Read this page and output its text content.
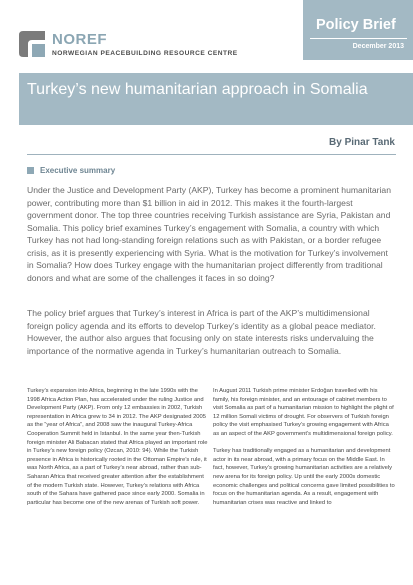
NOREF
NORWEGIAN PEACEBUILDING RESOURCE CENTRE
Policy Brief
December 2013
Turkey’s new humanitarian approach in Somalia
By Pinar Tank
Executive summary

Under the Justice and Development Party (AKP), Turkey has become a prominent humanitarian power, contributing more than $1 billion in aid in 2012. This makes it the fourth-largest government donor. The top three countries receiving Turkish assistance are Syria, Pakistan and Somalia. This policy brief examines Turkey’s engagement with Somalia, a country with which Turkey has not had long-standing foreign relations such as with Pakistan, or a border refugee crisis, as it is presently experiencing with Syria. What is the motivation for Turkey’s involvement in Somalia? How does Turkey engage with the humanitarian project differently from traditional donors and what are some of the challenges it faces in so doing?

The policy brief argues that Turkey’s interest in Africa is part of the AKP’s multidimensional foreign policy agenda and its efforts to develop Turkey’s identity as a global peace mediator. However, the author also argues that focusing only on state interests risks undervaluing the importance of the normative agenda in Turkey’s humanitarian outreach to Somalia.

Turkey’s expansion into Africa, beginning in the late 1990s with the 1998 Africa Action Plan, has accelerated under the ruling Justice and Development Party (AKP). From only 12 embassies in 2002, Turkish representation in Africa grew to 34 in 2012. The AKP designated 2005 as the “year of Africa”, and 2008 saw the inaugural Turkey-Africa Cooperation Summit held in Istanbul. In the same year then-Turkish foreign minister Ali Babacan stated that Africa played an important role in Turkey’s new foreign policy (Ozcan, 2010: 94). While the Turkish presence in Africa is historically rooted in the Ottoman Empire’s rule, it was North Africa, as a part of Turkey’s near abroad, rather than sub-Saharan Africa that received greater attention after the establishment of the modern Turkish state. However, Turkey’s relations with Africa south of the Sahara have gathered pace since early 2000. Somalia in particular has become one of the new arenas of Turkish soft power.

In August 2011 Turkish prime minister Erdoğan travelled with his family, his foreign minister, and an entourage of cabinet members to visit Somalia as part of a humanitarian mission to highlight the plight of 12 million Somali victims of drought. For observers of Turkish foreign policy the visit emphasised Turkey’s growing engagement with Africa as an aspect of the AKP government’s multidimensional foreign policy.

Turkey has traditionally engaged as a humanitarian and development actor in its near abroad, with a primary focus on the Middle East. In fact, however, Turkey’s growing humanitarian activities are a relatively new arena for its foreign policy. Up until the early 2000s domestic economic challenges and political concerns gave limited possibilities to focus on the humanitarian agenda. As a result, engagement with humanitarian crises was reactive and linked to
